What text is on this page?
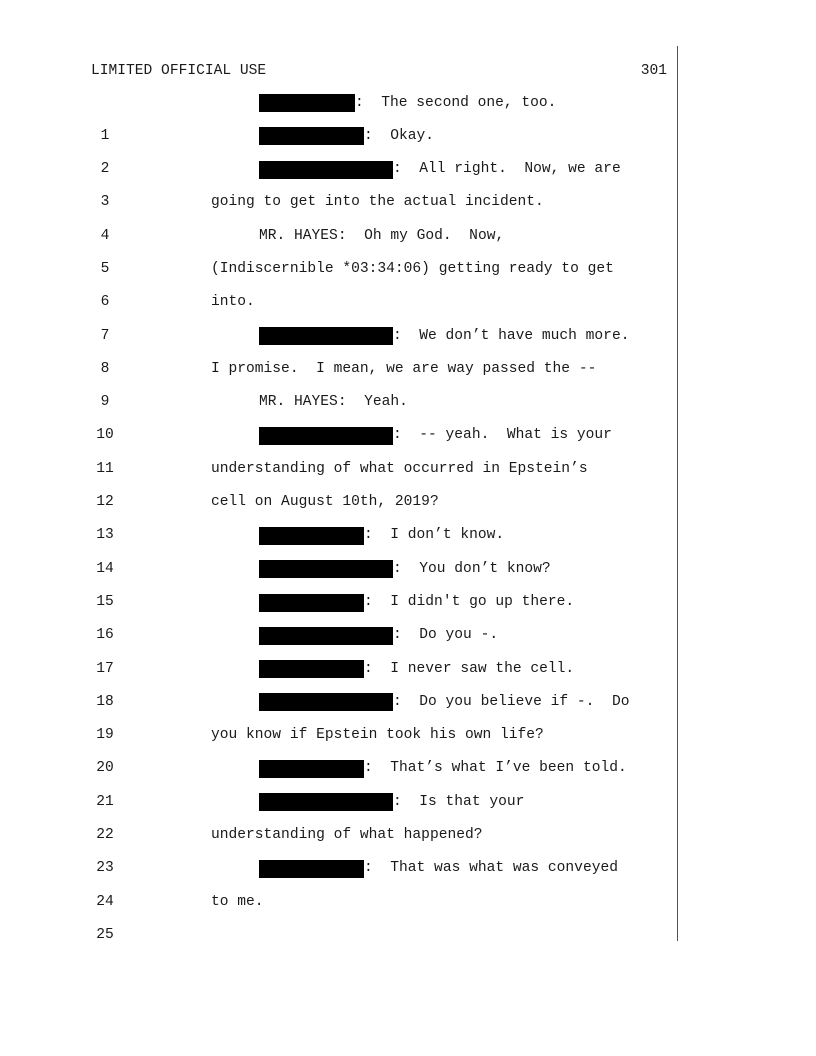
LIMITED OFFICIAL USE	301

1

:  The second one, too.

2

:  Okay.

3

:  All right.  Now, we are

4

going to get into the actual incident.

5

MR. HAYES:  Oh my God.  Now,

6

(Indiscernible *03:34:06) getting ready to get

7

into.

8

:  We don’t have much more.

9

I promise.  I mean, we are way passed the --

10

MR. HAYES:  Yeah.

11

:  -- yeah.  What is your

12

understanding of what occurred in Epstein’s

13

cell on August 10th, 2019?

14

:  I don’t know.

15

:  You don’t know?

16

:  I didn't go up there.

17

:  Do you -.

18

:  I never saw the cell.

19

:  Do you believe if -.  Do

20

you know if Epstein took his own life?

21

:  That’s what I’ve been told.

22

:  Is that your

23

understanding of what happened?

24

:  That was what was conveyed

25

to me.
